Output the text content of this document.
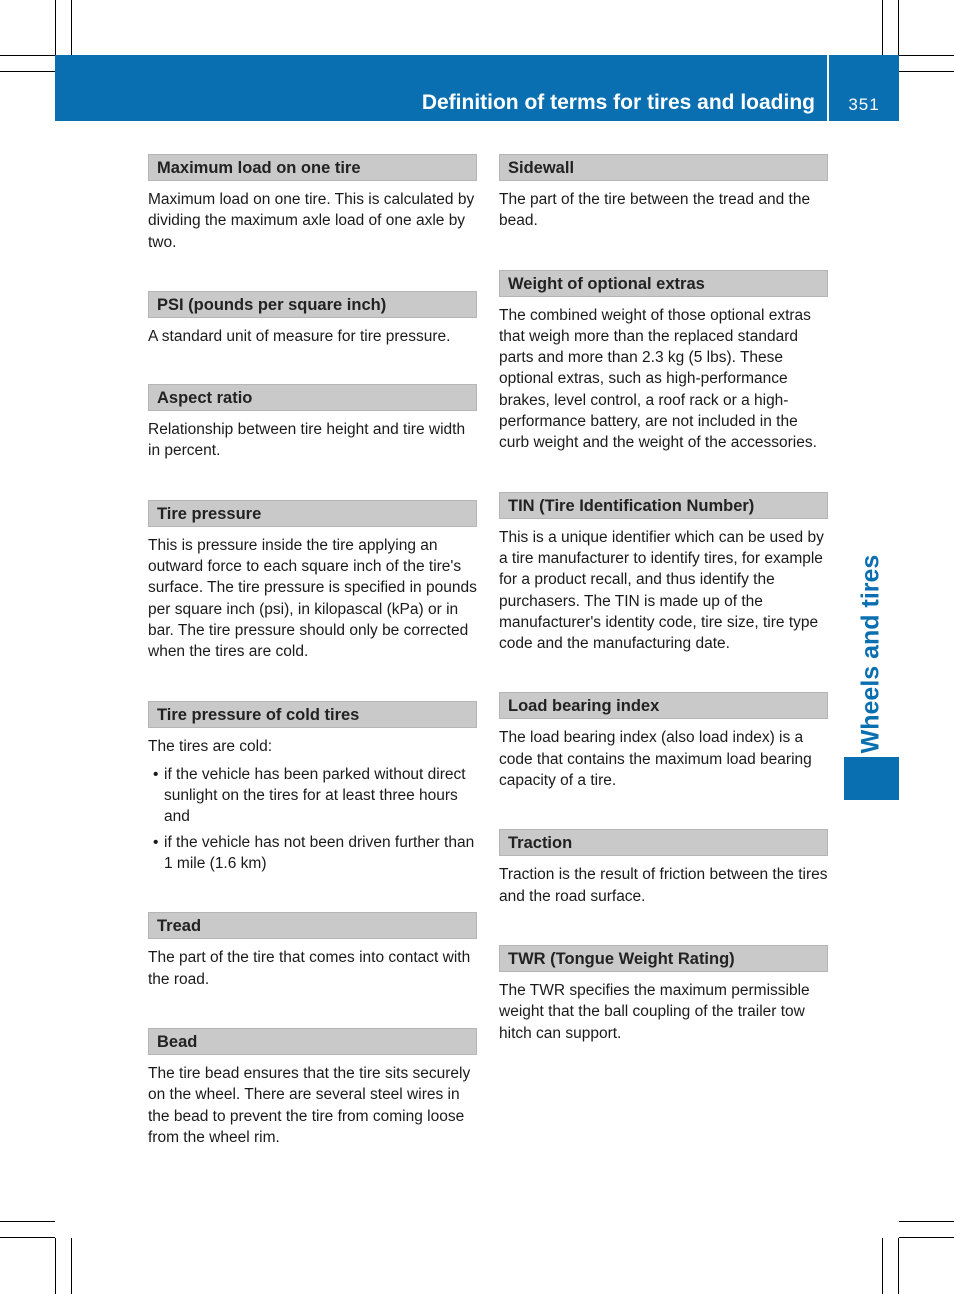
Definition of terms for tires and loading	351
Wheels and tires
Maximum load on one tire
Maximum load on one tire. This is calculated by dividing the maximum axle load of one axle by two.
PSI (pounds per square inch)
A standard unit of measure for tire pressure.
Aspect ratio
Relationship between tire height and tire width in percent.
Tire pressure
This is pressure inside the tire applying an outward force to each square inch of the tire's surface. The tire pressure is specified in pounds per square inch (psi), in kilopascal (kPa) or in bar. The tire pressure should only be corrected when the tires are cold.
Tire pressure of cold tires
The tires are cold:
• if the vehicle has been parked without direct sunlight on the tires for at least three hours and
• if the vehicle has not been driven further than 1 mile (1.6 km)
Tread
The part of the tire that comes into contact with the road.
Bead
The tire bead ensures that the tire sits securely on the wheel. There are several steel wires in the bead to prevent the tire from coming loose from the wheel rim.
Sidewall
The part of the tire between the tread and the bead.
Weight of optional extras
The combined weight of those optional extras that weigh more than the replaced standard parts and more than 2.3 kg (5 lbs). These optional extras, such as high-performance brakes, level control, a roof rack or a high-performance battery, are not included in the curb weight and the weight of the accessories.
TIN (Tire Identification Number)
This is a unique identifier which can be used by a tire manufacturer to identify tires, for example for a product recall, and thus identify the purchasers. The TIN is made up of the manufacturer's identity code, tire size, tire type code and the manufacturing date.
Load bearing index
The load bearing index (also load index) is a code that contains the maximum load bearing capacity of a tire.
Traction
Traction is the result of friction between the tires and the road surface.
TWR (Tongue Weight Rating)
The TWR specifies the maximum permissible weight that the ball coupling of the trailer tow hitch can support.
